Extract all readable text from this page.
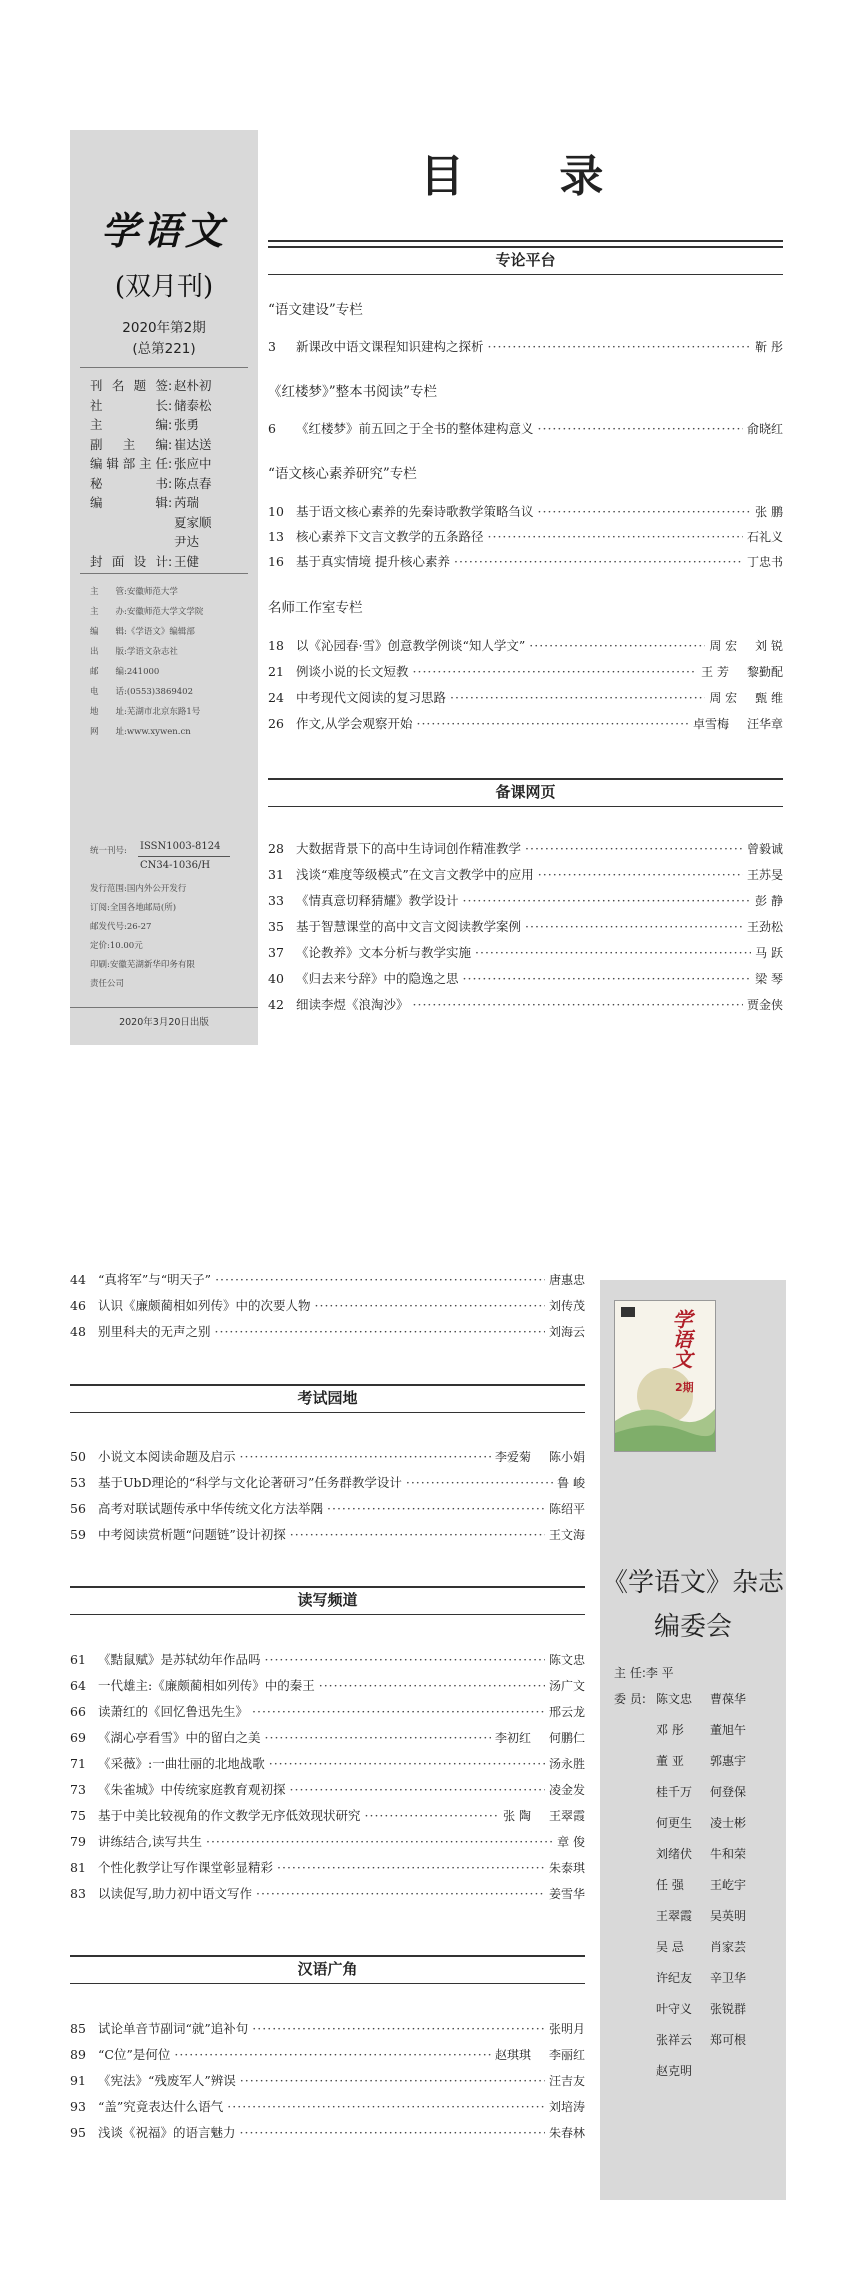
学语文
(双月刊)
2020年第2期
(总第221)
刊名题签: 赵朴初
社长: 储泰松
主编: 张勇
副主编: 崔达送
编辑部主任: 张应中
秘书: 陈点春
编辑: 芮瑞
夏家顺
尹达
封面设计: 王健
主管:安徽师范大学
主办:安徽师范大学文学院
编辑:《学语文》编辑部
出版:学语文杂志社
邮编:241000
电话:(0553)3869402
地址:芜湖市北京东路1号
网址:www.xywen.cn
统一刊号:	ISSN1003-8124
CN34-1036/H
发行范围:国内外公开发行
订阅:全国各地邮局(所)
邮发代号:26-27
定价:10.00元
印刷:安徽芜湖新华印务有限
责任公司
2020年3月20日出版
目 录
专论平台
“语文建设”专栏
3	新课改中语文课程知识建构之探析 ·····	靳 彤
《红楼梦》”整本书阅读”专栏
6	《红楼梦》前五回之于全书的整体建构意义 ·····	俞晓红
“语文核心素养研究”专栏
10 基于语文核心素养的先秦诗歌教学策略刍议 ·····	张 鹏
13 核心素养下文言文教学的五条路径 ·····	石礼义
16 基于真实情境 提升核心素养 ·····	丁忠书
名师工作室专栏
18 以《沁园春·雪》创意教学例谈“知人学文” ·····	周 宏 刘 锐
21 例谈小说的长文短教 ·····	王 芳 黎勤配
24 中考现代文阅读的复习思路 ·····	周 宏 甄 维
26 作文,从学会观察开始 ·····	卓雪梅 汪华章
备课网页
28 大数据背景下的高中生诗词创作精准教学 ·····	曾毅诚
31 浅谈“难度等级模式”在文言文教学中的应用 ·····	王苏旻
33 《情真意切释猜耀》教学设计 ·····	彭 静
35 基于智慧课堂的高中文言文阅读教学案例 ·····	王劲松
37 《论教养》文本分析与教学实施 ·····	马 跃
40 《归去来兮辞》中的隐逸之思 ·····	梁 琴
42 细读李煜《浪淘沙》 ·····	贾金侠
44 “真将军”与“明天子” ·····	唐惠忠
46 认识《廉颇蔺相如列传》中的次要人物 ·····	刘传茂
48 别里科夫的无声之别 ·····	刘海云
考试园地
50 小说文本阅读命题及启示 ·····	李爱菊 陈小娟
53 基于UbD理论的“科学与文化论著研习”任务群教学设计 ·····	鲁 峻
56 高考对联试题传承中华传统文化方法举隅 ·····	陈绍平
59 中考阅读赏析题“问题链”设计初探 ·····	王文海
读写频道
61 《黠鼠赋》是苏轼幼年作品吗 ·····	陈文忠
64 一代雄主:《廉颇蔺相如列传》中的秦王 ·····	汤广文
66 读萧红的《回忆鲁迅先生》 ·····	邢云龙
69 《湖心亭看雪》中的留白之美 ·····	李初红 何鹏仁
71 《采薇》:一曲壮丽的北地战歌 ·····	汤永胜
73 《朱雀城》中传统家庭教育观初探 ·····	凌金发
75 基于中美比较视角的作文教学无序低效现状研究 ·····	张 陶 王翠霞
79 讲练结合,读写共生 ·····	章 俊
81 个性化教学让写作课堂彰显精彩 ·····	朱泰琪
83 以读促写,助力初中语文写作 ·····	姜雪华
汉语广角
85 试论单音节副词“就”追补句 ·····	张明月
89 “C位”是何位 ·····	赵琪琪 李丽红
91 《宪法》“残废军人”辨误 ·····	汪吉友
93 “盖”究竟表达什么语气 ·····	刘培涛
95 浅谈《祝福》的语言魅力 ·····	朱春林
学语文
2期
《学语文》杂志
编委会
主 任:李 平
委 员: 陈文忠 曹葆华
邓 彤 董旭午
董 亚 郭惠宇
桂千万 何登保
何更生 凌士彬
刘绪伏 牛和荣
任 强 王屹宇
王翠霞 吴英明
吴 忌 肖家芸
许纪友 辛卫华
叶守义 张锐群
张祥云 郑可根
赵克明
